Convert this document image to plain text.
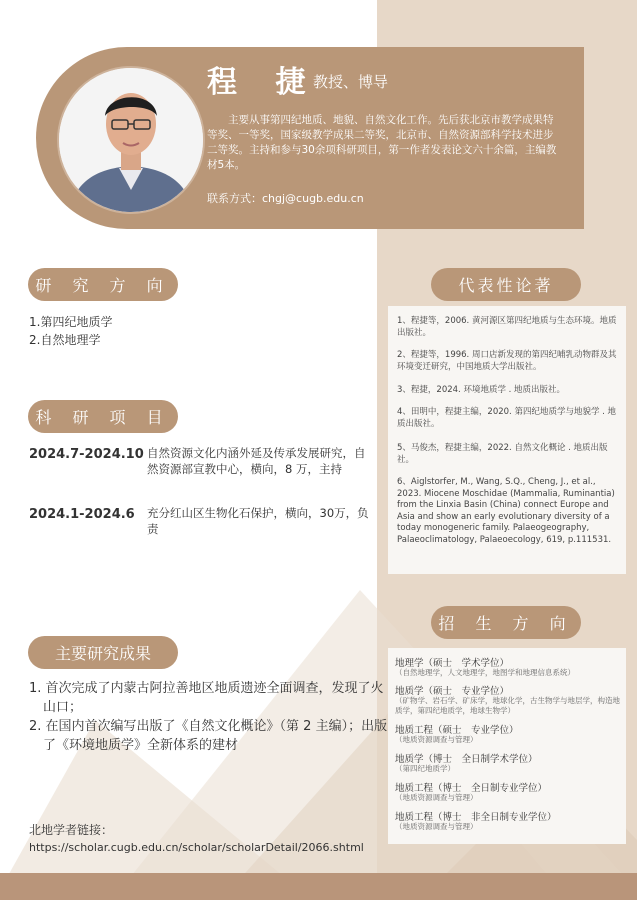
程 捷
教授、博导

主要从事第四纪地质、地貌、自然文化工作。先后获北京市教学成果特等奖、一等奖，国家级教学成果二等奖，北京市、自然资源部科学技术进步二等奖。主持和参与30余项科研项目，第一作者发表论文六十余篇，主编教材5本。

联系方式：chgj@cugb.edu.cn
研 究 方 向
1.第四纪地质学
2.自然地理学
科 研 项 目
2024.7-2024.10 自然资源文化内涵外延及传承发展研究，自然资源部宣教中心，横向，8 万，主持

2024.1-2024.6 充分红山区生物化石保护，横向，30万，负责

主要研究成果

1. 首次完成了内蒙古阿拉善地区地质遗迹全面调查，发现了火山口；

2. 在国内首次编写出版了《自然文化概论》（第 2 主编）；出版了《环境地质学》全新体系的建材

北地学者链接：
https://scholar.cugb.edu.cn/scholar/scholarDetail/2066.shtml
代表性论著

1、程捷等，2006. 黄河源区第四纪地质与生态环境。地质出版社。

2、程捷等，1996. 周口店新发现的第四纪哺乳动物群及其环境变迁研究，中国地质大学出版社。

3、程捷，2024. 环境地质学 . 地质出版社。

4、田明中，程捷主编，2020. 第四纪地质学与地貌学 . 地质出版社。

5、马俊杰，程捷主编，2022. 自然文化概论 . 地质出版社。

6、Aiglstorfer, M., Wang, S.Q., Cheng, J., et al., 2023. Miocene Moschidae (Mammalia, Ruminantia) from the Linxia Basin (China) connect Europe and Asia and show an early evolutionary diversity of a today monogeneric family. Palaeogeography, Palaeoclimatology, Palaeoecology, 619, p.111531.

招 生 方 向
地理学（硕士　学术学位）

（自然地理学，人文地理学，地图学和地理信息系统）

地质学（硕士　专业学位）

（矿物学、岩石学、矿床学，地球化学，古生物学与地层学，构造地质学，第四纪地质学，地球生物学）

地质工程（硕士　专业学位）

（地质资源调查与管理）

地质学（博士　全日制学术学位）

（第四纪地质学）

地质工程（博士　全日制专业学位）

（地质资源调查与管理）

地质工程（博士　非全日制专业学位）

（地质资源调查与管理）
